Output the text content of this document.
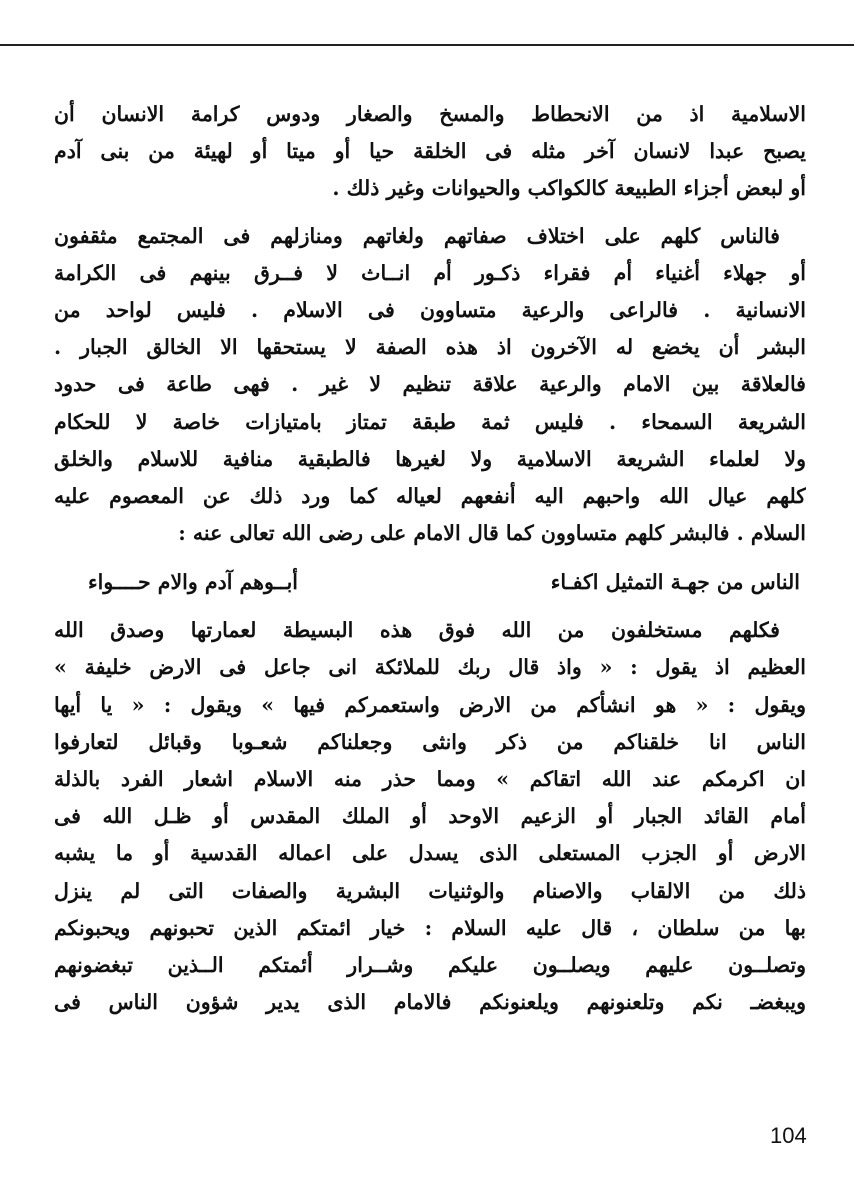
الاسلامية اذ من الانحطاط والمسخ والصغار ودوس كرامة الانسان أن
يصبح عبدا لانسان آخر مثله فى الخلقة حيا أو ميتا أو لهيئة من بنى آدم
أو لبعض أجزاء الطبيعة كالكواكب والحيوانات وغير ذلك .
فالناس كلهم على اختلاف صفاتهم ولغاتهم ومنازلهم فى المجتمع مثقفون
أو جهلاء أغنياء أم فقراء ذكـور أم انــاث لا فــرق بينهم فى الكرامة
الانسانية . فالراعى والرعية متساوون فى الاسلام . فليس لواحد من
البشر أن يخضع له الآخرون اذ هذه الصفة لا يستحقها الا الخالق الجبار .
فالعلاقة بين الامام والرعية علاقة تنظيم لا غير . فهى طاعة فى حدود
الشريعة السمحاء . فليس ثمة طبقة تمتاز بامتيازات خاصة لا للحكام
ولا لعلماء الشريعة الاسلامية ولا لغيرها فالطبقية منافية للاسلام والخلق
كلهم عيال الله واحبهم اليه أنفعهم لعياله كما ورد ذلك عن المعصوم عليه
السلام . فالبشر كلهم متساوون كما قال الامام على رضى الله تعالى عنه :
الناس من جهـة التمثيل اكفـاء
أبــوهم آدم والام حــــواء
فكلهم مستخلفون من الله فوق هذه البسيطة لعمارتها وصدق الله
العظيم اذ يقول : « واذ قال ربك للملائكة انى جاعل فى الارض خليفة »
ويقول : « هو انشأكم من الارض واستعمركم فيها » ويقول : « يا أيها
الناس انا خلقناكم من ذكر وانثى وجعلناكم شعـوبا وقبائل لتعارفوا
ان اكرمكم عند الله اتقاكم » ومما حذر منه الاسلام اشعار الفرد بالذلة
أمام القائد الجبار أو الزعيم الاوحد أو الملك المقدس أو ظـل الله فى
الارض أو الجزب المستعلى الذى يسدل على اعماله القدسية أو ما يشبه
ذلك من الالقاب والاصنام والوثنيات البشرية والصفات التى لم ينزل
بها من سلطان ، قال عليه السلام : خيار ائمتكم الذين تحبونهم ويحبونكم
وتصلــون عليهم ويصلــون عليكم وشــرار أئمتكم الــذين تبغضونهم
ويبغضـ نكم وتلعنونهم ويلعنونكم فالامام الذى يدير شؤون الناس فى
104
